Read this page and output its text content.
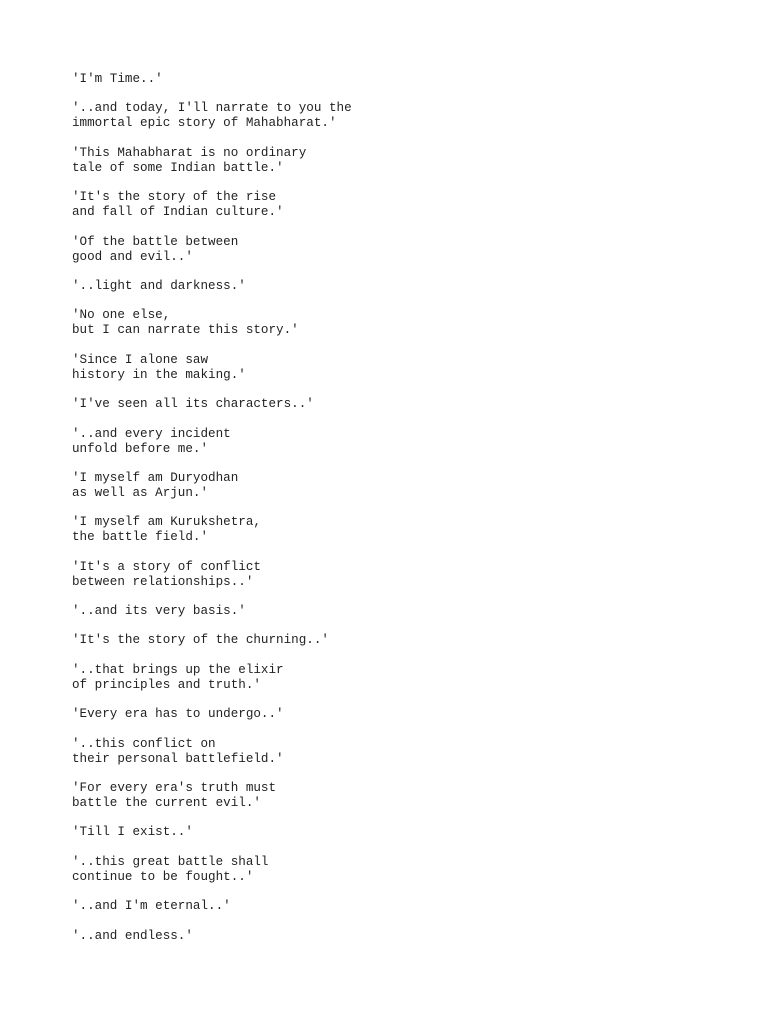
'I'm Time..'
'..and today, I'll narrate to you the
immortal epic story of Mahabharat.'
'This Mahabharat is no ordinary
tale of some Indian battle.'
'It's the story of the rise
and fall of Indian culture.'
'Of the battle between
good and evil..'
'..light and darkness.'
'No one else,
but I can narrate this story.'
'Since I alone saw
history in the making.'
'I've seen all its characters..'
'..and every incident
unfold before me.'
'I myself am Duryodhan
as well as Arjun.'
'I myself am Kurukshetra,
the battle field.'
'It's a story of conflict
between relationships..'
'..and its very basis.'
'It's the story of the churning..'
'..that brings up the elixir
of principles and truth.'
'Every era has to undergo..'
'..this conflict on
their personal battlefield.'
'For every era's truth must
battle the current evil.'
'Till I exist..'
'..this great battle shall
continue to be fought..'
'..and I'm eternal..'
'..and endless.'
